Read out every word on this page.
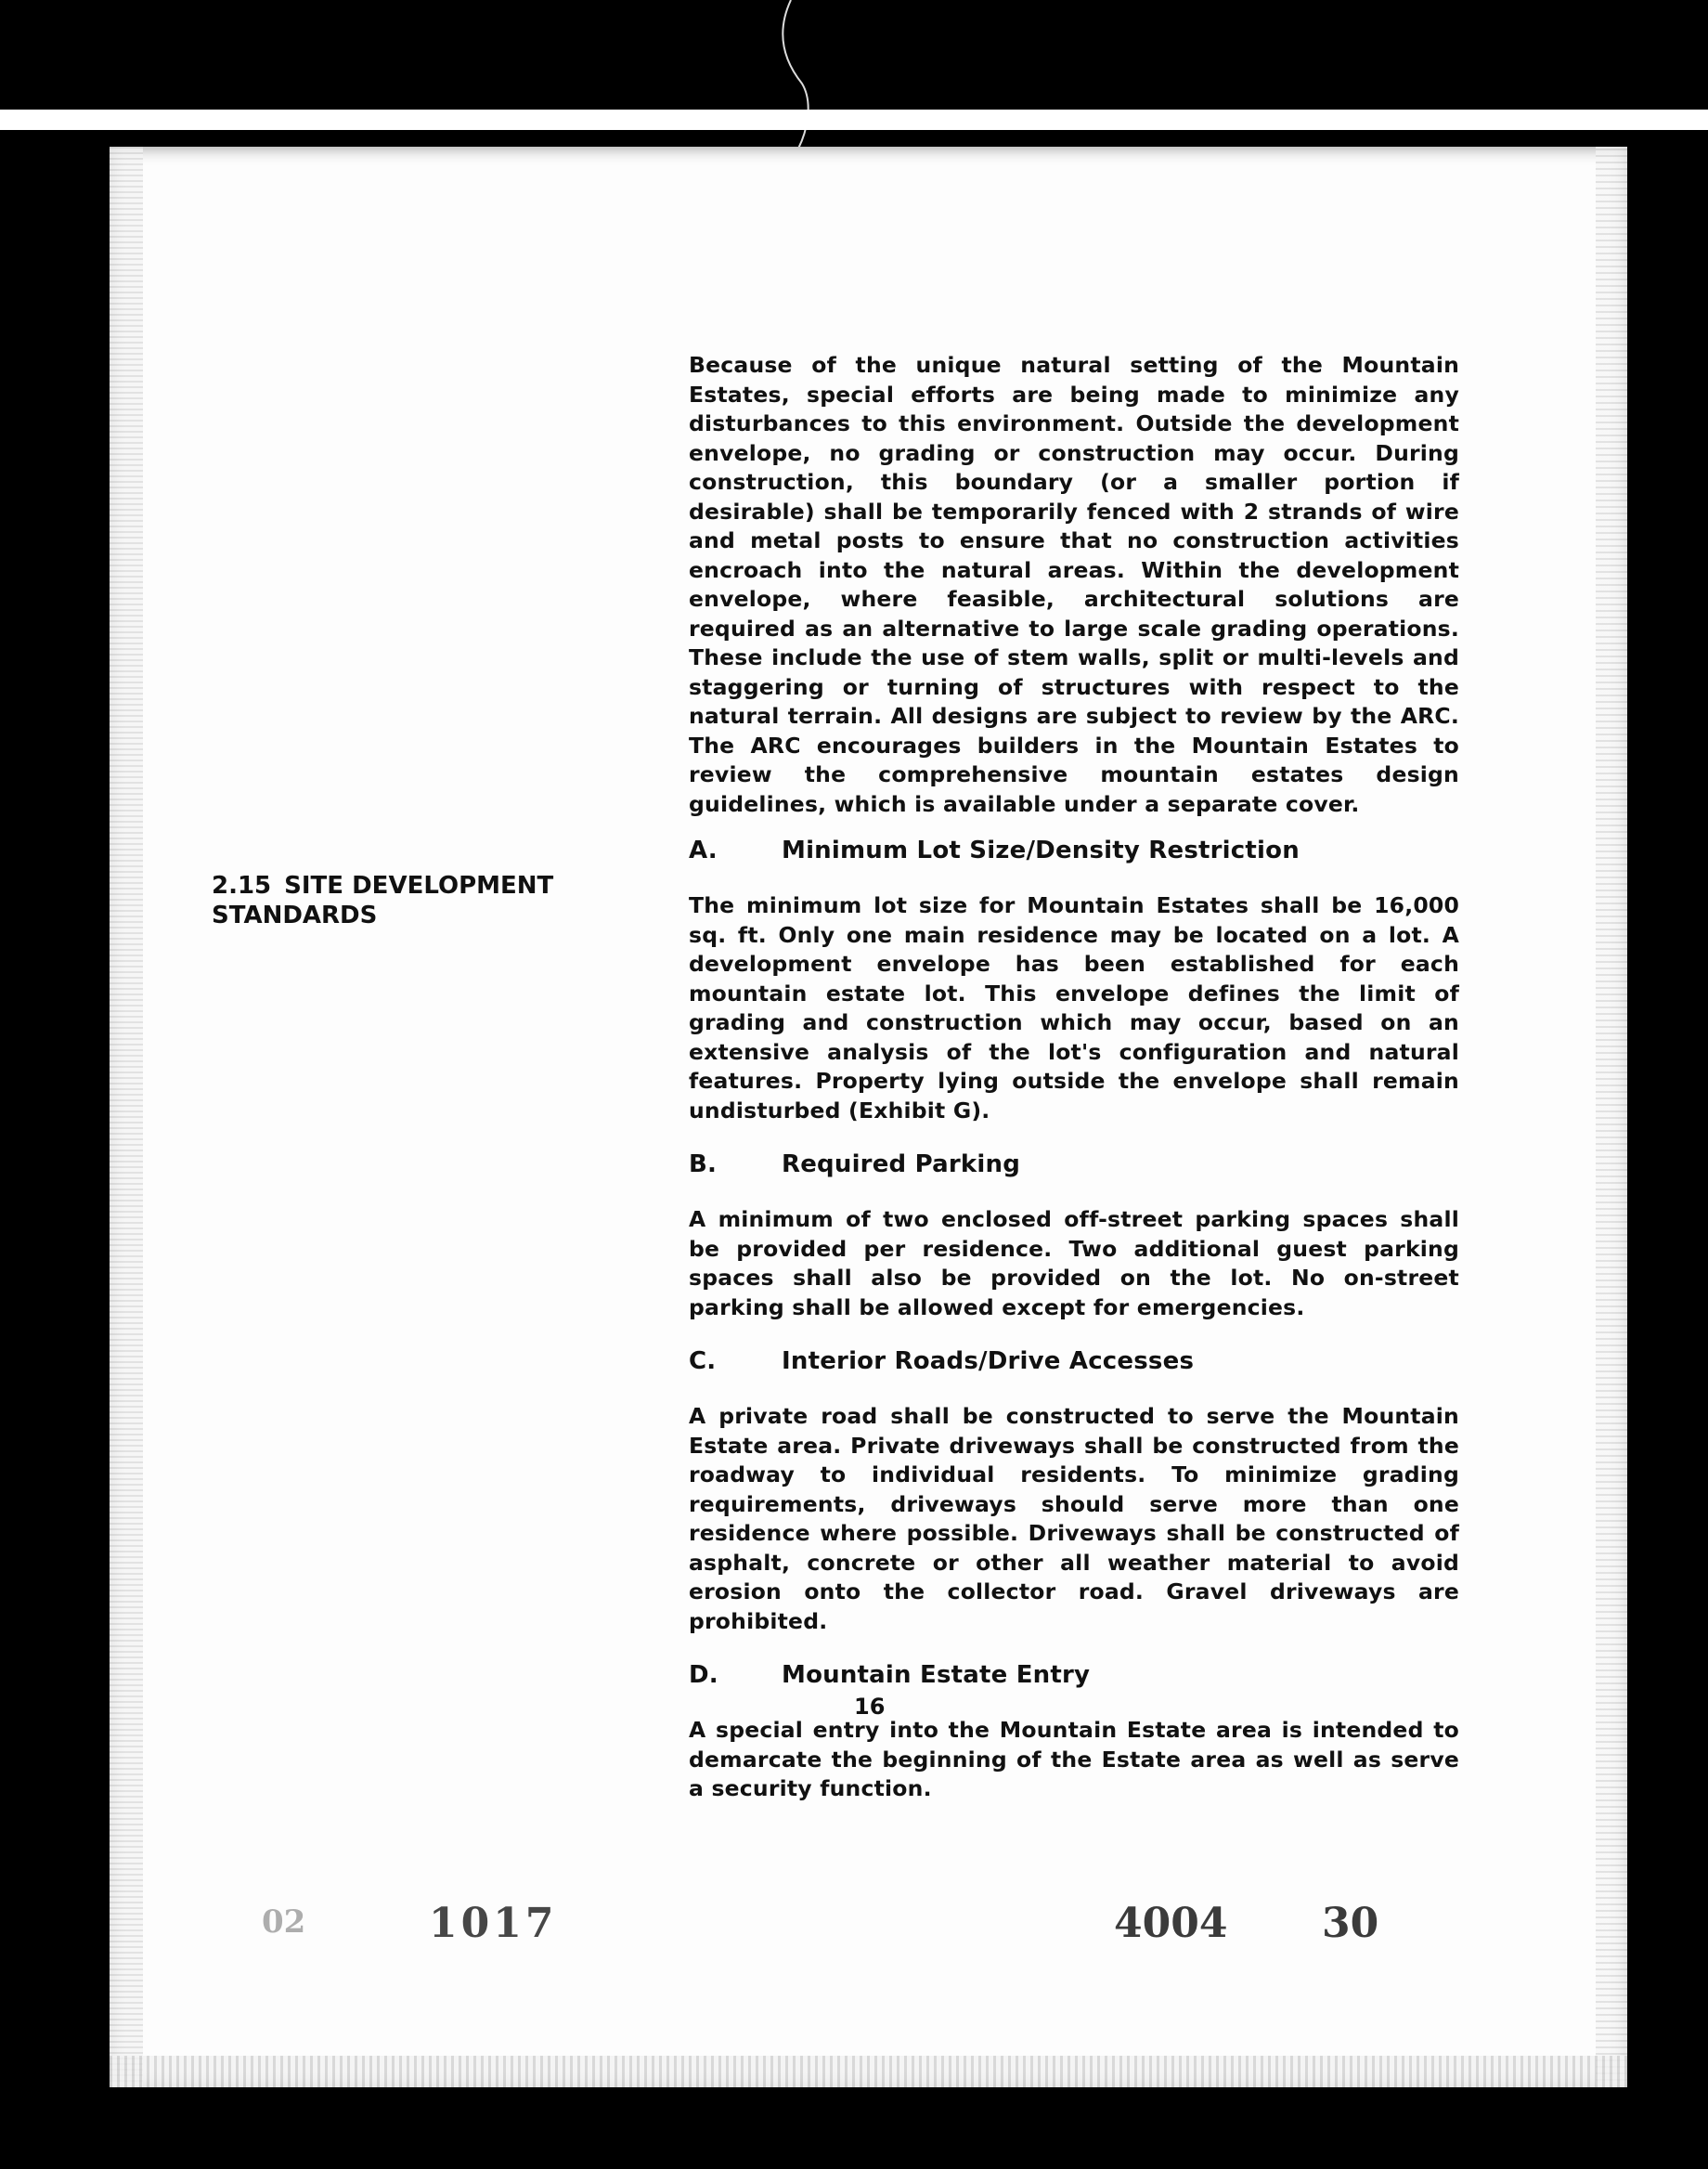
2.15 SITE DEVELOPMENT STANDARDS

Because of the unique natural setting of the Mountain Estates, special efforts are being made to minimize any disturbances to this environment. Outside the development envelope, no grading or construction may occur. During construction, this boundary (or a smaller portion if desirable) shall be temporarily fenced with 2 strands of wire and metal posts to ensure that no construction activities encroach into the natural areas. Within the development envelope, where feasible, architectural solutions are required as an alternative to large scale grading operations. These include the use of stem walls, split or multi-levels and staggering or turning of structures with respect to the natural terrain. All designs are subject to review by the ARC. The ARC encourages builders in the Mountain Estates to review the comprehensive mountain estates design guidelines, which is available under a separate cover.

A.	Minimum Lot Size/Density Restriction

The minimum lot size for Mountain Estates shall be 16,000 sq. ft. Only one main residence may be located on a lot. A development envelope has been established for each mountain estate lot. This envelope defines the limit of grading and construction which may occur, based on an extensive analysis of the lot's configuration and natural features. Property lying outside the envelope shall remain undisturbed (Exhibit G).

B.	Required Parking

A minimum of two enclosed off-street parking spaces shall be provided per residence. Two additional guest parking spaces shall also be provided on the lot. No on-street parking shall be allowed except for emergencies.

C.	Interior Roads/Drive Accesses

A private road shall be constructed to serve the Mountain Estate area. Private driveways shall be constructed from the roadway to individual residents. To minimize grading requirements, driveways should serve more than one residence where possible. Driveways shall be constructed of asphalt, concrete or other all weather material to avoid erosion onto the collector road. Gravel driveways are prohibited.

D.	Mountain Estate Entry

A special entry into the Mountain Estate area is intended to demarcate the beginning of the Estate area as well as serve a security function.

02	1017	4004 30
16
